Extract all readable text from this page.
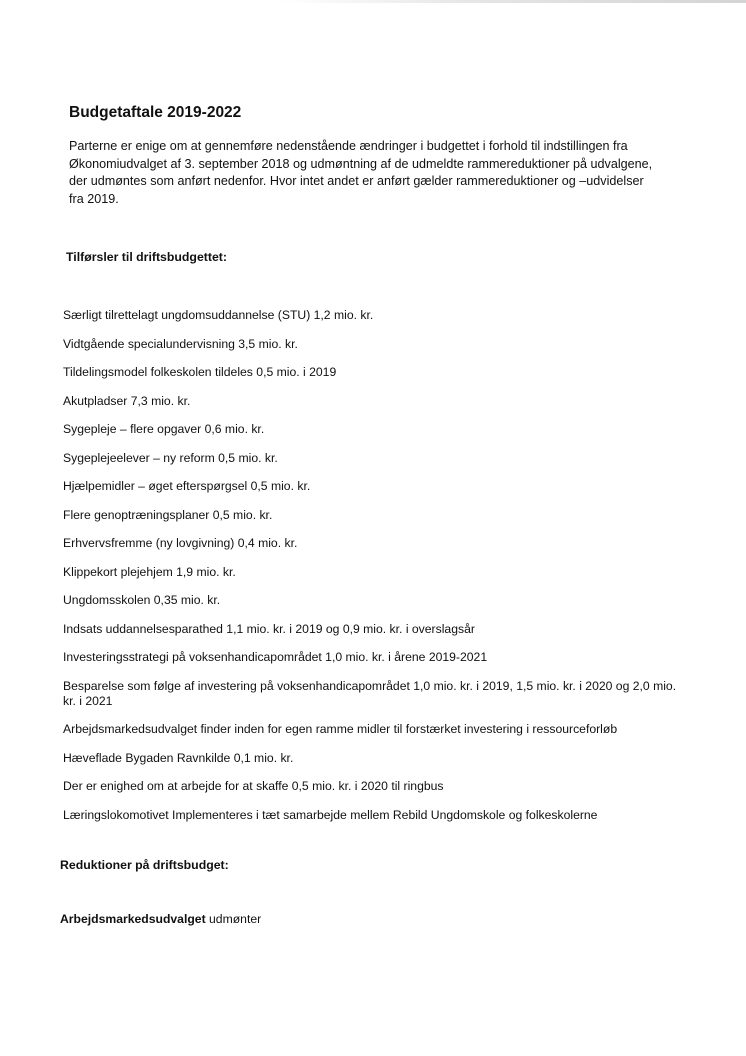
Budgetaftale 2019-2022

Parterne er enige om at gennemføre nedenstående ændringer i budgettet i forhold til indstillingen fra
Økonomiudvalget af 3. september 2018 og udmøntning af de udmeldte rammereduktioner på udvalgene,
der udmøntes som anført nedenfor. Hvor intet andet er anført gælder rammereduktioner og –udvidelser
fra 2019.

Tilførsler til driftsbudgettet:

Særligt tilrettelagt ungdomsuddannelse (STU) 1,2 mio. kr.

Vidtgående specialundervisning 3,5 mio. kr.

Tildelingsmodel folkeskolen tildeles 0,5 mio. i 2019

Akutpladser 7,3 mio. kr.

Sygepleje – flere opgaver 0,6 mio. kr.

Sygeplejeelever – ny reform 0,5 mio. kr.

Hjælpemidler – øget efterspørgsel 0,5 mio. kr.

Flere genoptræningsplaner 0,5 mio. kr.

Erhvervsfremme (ny lovgivning) 0,4 mio. kr.

Klippekort plejehjem 1,9 mio. kr.

Ungdomsskolen 0,35 mio. kr.

Indsats uddannelsesparathed 1,1 mio. kr. i 2019 og 0,9 mio. kr. i overslagsår

Investeringsstrategi på voksenhandicapområdet 1,0 mio. kr. i årene 2019-2021

Besparelse som følge af investering på voksenhandicapområdet 1,0 mio. kr. i 2019, 1,5 mio. kr. i 2020 og 2,0 mio. kr. i 2021

Arbejdsmarkedsudvalget finder inden for egen ramme midler til forstærket investering i ressourceforløb

Hæveflade Bygaden Ravnkilde 0,1 mio. kr.

Der er enighed om at arbejde for at skaffe 0,5 mio. kr. i 2020 til ringbus

Læringslokomotivet Implementeres i tæt samarbejde mellem Rebild Ungdomskole og folkeskolerne

Reduktioner på driftsbudget:

Arbejdsmarkedsudvalget udmønter
